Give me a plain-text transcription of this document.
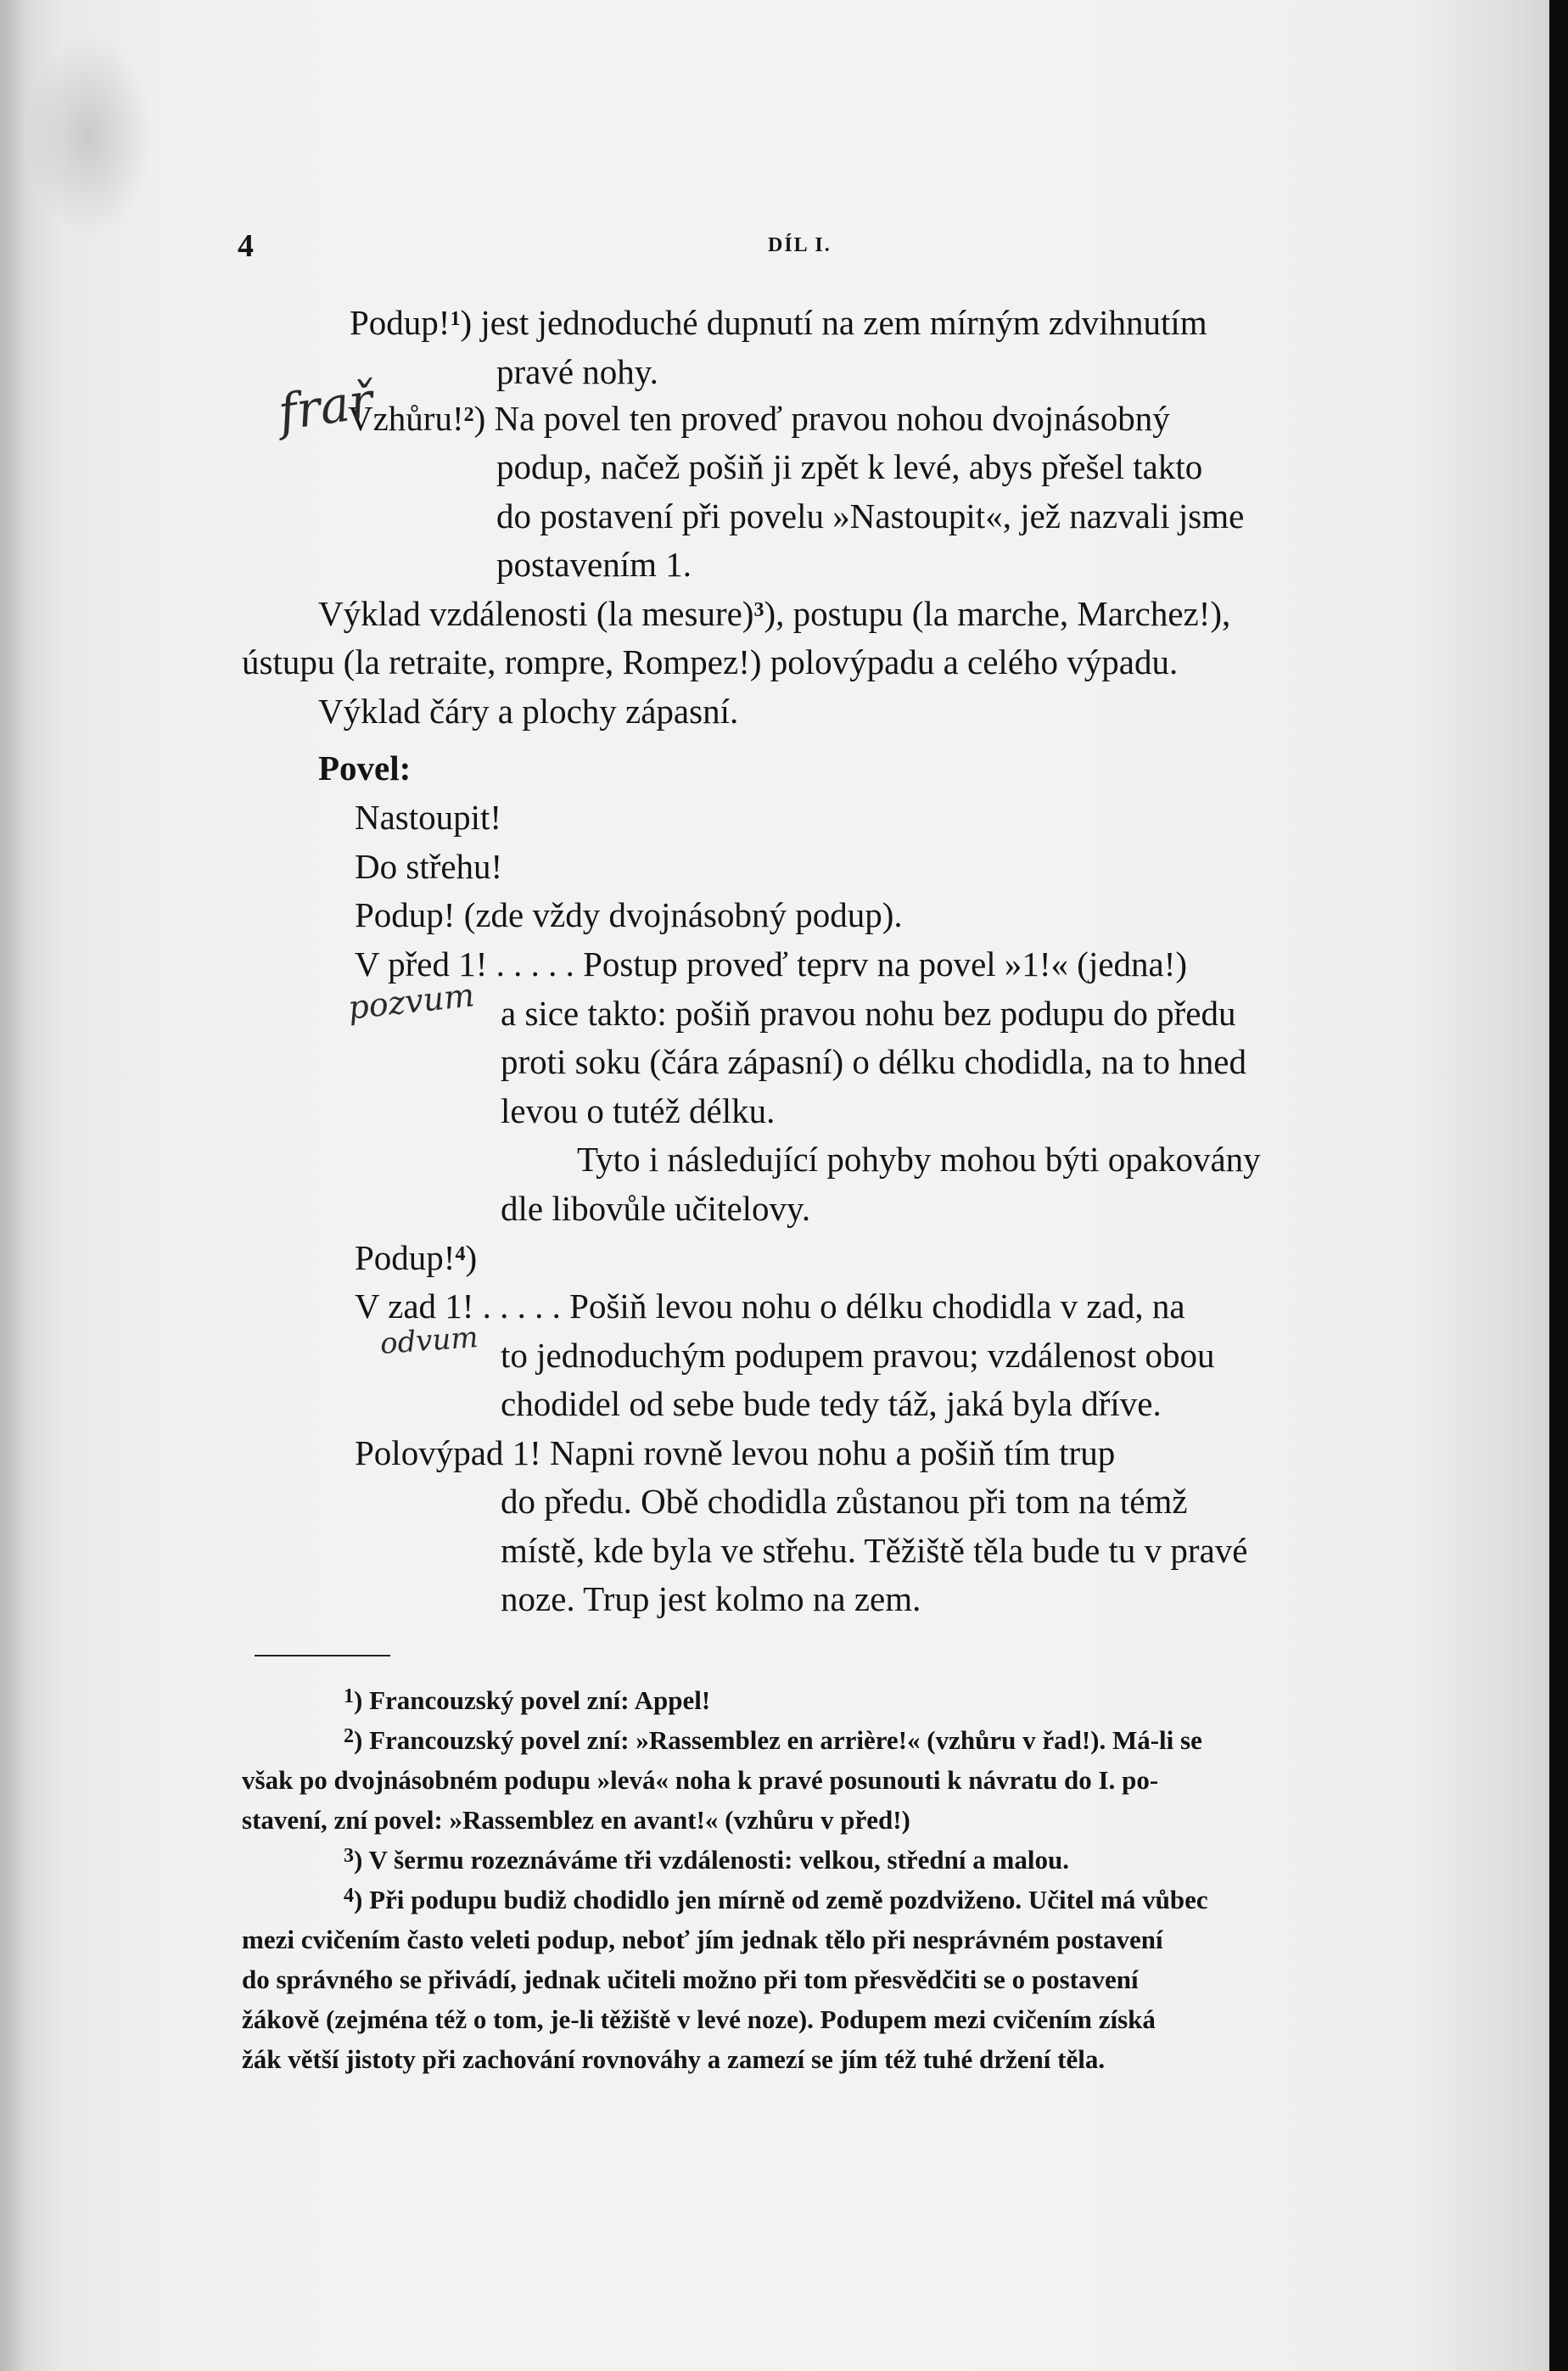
4	DÍL I.
Podup!$^1$) jest jednoduché dupnutí na zem mírným zdvihnutím
pravé nohy.
Vzhůru!$^2$) Na povel ten proveď pravou nohou dvojnásobný
podup, načež pošiň ji zpět k levé, abys přešel takto
do postavení při povelu »Nastoupit«, jež nazvali jsme
postavením 1.
Výklad vzdálenosti (la mesure)$^3$), postupu (la marche, Marchez!),
ústupu (la retraite, rompre, Rompez!) polovýpadu a celého výpadu.
Výklad čáry a plochy zápasní.
Povel:
Nastoupit!
Do střehu!
Podup! (zde vždy dvojnásobný podup).
V před 1! . . . . . Postup proveď teprv na povel »1!« (jedna!)
a sice takto: pošiň pravou nohu bez podupu do předu
proti soku (čára zápasní) o délku chodidla, na to hned
levou o tutéž délku.
Tyto i následující pohyby mohou býti opakovány
dle libovůle učitelovy.
Podup!$^4$)
V zad 1! . . . . . Pošiň levou nohu o délku chodidla v zad, na
to jednoduchým podupem pravou; vzdálenost obou
chodidel od sebe bude tedy táž, jaká byla dříve.
Polovýpad 1! Napni rovně levou nohu a pošiň tím trup
do předu. Obě chodidla zůstanou při tom na témž
místě, kde byla ve střehu. Těžiště těla bude tu v pravé
noze. Trup jest kolmo na zem.
frař
pozvum
odvum
$^1$) Francouzský povel zní: Appel!
$^2$) Francouzský povel zní: »Rassemblez en arrière!« (vzhůru v řad!). Má-li se
však po dvojnásobném podupu »levá« noha k pravé posunouti k návratu do I. po-
stavení, zní povel: »Rassemblez en avant!« (vzhůru v před!)
$^3$) V šermu rozeznáváme tři vzdálenosti: velkou, střední a malou.
$^4$) Při podupu budiž chodidlo jen mírně od země pozdviženo. Učitel má vůbec
mezi cvičením často veleti podup, neboť jím jednak tělo při nesprávném postavení
do správného se přivádí, jednak učiteli možno při tom přesvědčiti se o postavení
žákově (zejména též o tom, je-li těžiště v levé noze). Podupem mezi cvičením získá
žák větší jistoty při zachování rovnováhy a zamezí se jím též tuhé držení těla.
